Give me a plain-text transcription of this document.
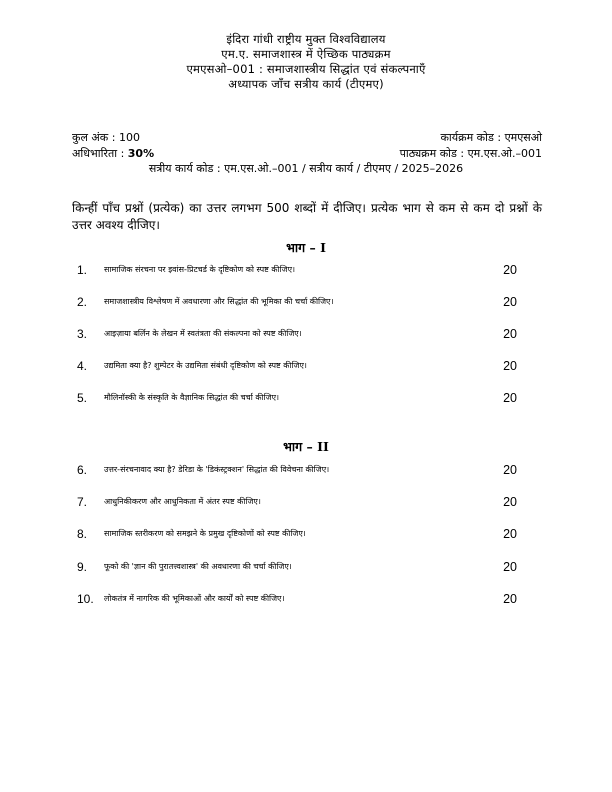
इंदिरा गांधी राष्ट्रीय मुक्त विश्वविद्यालय
एम.ए. समाजशास्त्र में ऐच्छिक पाठ्यक्रम
एमएसओ–001 : समाजशास्त्रीय सिद्धांत एवं संकल्पनाएँ
अध्यापक जाँच सत्रीय कार्य (टीएमए)
कुल अंक : 100	कार्यक्रम कोड : एमएसओ
अधिभारिता : 30%	पाठ्यक्रम कोड : एम.एस.ओ.–001
सत्रीय कार्य कोड : एम.एस.ओ.–001 / सत्रीय कार्य / टीएमए / 2025–2026
किन्हीं पाँच प्रश्नों (प्रत्येक) का उत्तर लगभग 500 शब्दों में दीजिए। प्रत्येक भाग से कम से कम दो प्रश्नों के उत्तर अवश्य दीजिए।
भाग – I
1. सामाजिक संरचना पर इवांस-प्रिटचर्ड के दृष्टिकोण को स्पष्ट कीजिए।	20
2. समाजशास्त्रीय विश्लेषण में अवधारणा और सिद्धांत की भूमिका की चर्चा कीजिए।	20
3. आइज़ाया बर्लिन के लेखन में स्वतंत्रता की संकल्पना को स्पष्ट कीजिए।	20
4. उद्यमिता क्या है? शुम्पेटर के उद्यमिता संबंधी दृष्टिकोण को स्पष्ट कीजिए।	20
5. मौलिनॉस्की के संस्कृति के वैज्ञानिक सिद्धांत की चर्चा कीजिए।	20
भाग – II
6. उत्तर-संरचनावाद क्या है? डेरिडा के 'डिकंस्ट्रक्शन' सिद्धांत की विवेचना कीजिए।	20
7. आधुनिकीकरण और आधुनिकता में अंतर स्पष्ट कीजिए।	20
8. सामाजिक स्तरीकरण को समझने के प्रमुख दृष्टिकोणों को स्पष्ट कीजिए।	20
9. फूको की 'ज्ञान की पुरातत्त्वशास्त्र' की अवधारणा की चर्चा कीजिए।	20
10. लोकतंत्र में नागरिक की भूमिकाओं और कार्यों को स्पष्ट कीजिए।	20
